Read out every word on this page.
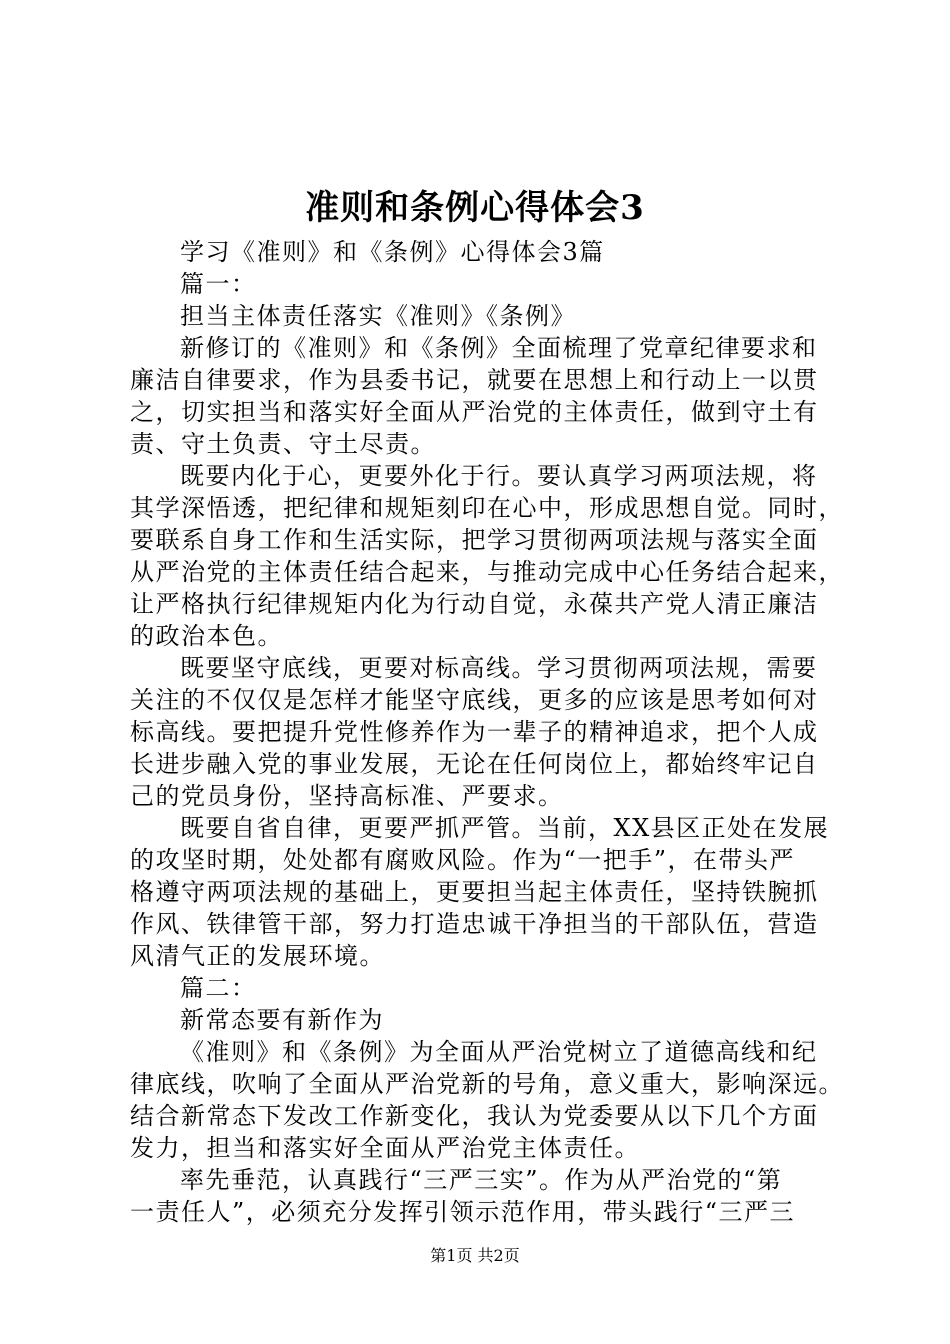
准则和条例心得体会3
学习《准则》和《条例》心得体会3篇
篇一：
担当主体责任落实《准则》《条例》
新修订的《准则》和《条例》全面梳理了党章纪律要求和
廉洁自律要求，作为县委书记，就要在思想上和行动上一以贯
之，切实担当和落实好全面从严治党的主体责任，做到守土有
责、守土负责、守土尽责。
既要内化于心，更要外化于行。要认真学习两项法规，将
其学深悟透，把纪律和规矩刻印在心中，形成思想自觉。同时，
要联系自身工作和生活实际，把学习贯彻两项法规与落实全面
从严治党的主体责任结合起来，与推动完成中心任务结合起来，
让严格执行纪律规矩内化为行动自觉，永葆共产党人清正廉洁
的政治本色。
既要坚守底线，更要对标高线。学习贯彻两项法规，需要
关注的不仅仅是怎样才能坚守底线，更多的应该是思考如何对
标高线。要把提升党性修养作为一辈子的精神追求，把个人成
长进步融入党的事业发展，无论在任何岗位上，都始终牢记自
己的党员身份，坚持高标准、严要求。
既要自省自律，更要严抓严管。当前，XX县区正处在发展
的攻坚时期，处处都有腐败风险。作为“一把手”，在带头严
格遵守两项法规的基础上，更要担当起主体责任，坚持铁腕抓
作风、铁律管干部，努力打造忠诚干净担当的干部队伍，营造
风清气正的发展环境。
篇二：
新常态要有新作为
《准则》和《条例》为全面从严治党树立了道德高线和纪
律底线，吹响了全面从严治党新的号角，意义重大，影响深远。
结合新常态下发改工作新变化，我认为党委要从以下几个方面
发力，担当和落实好全面从严治党主体责任。
率先垂范，认真践行“三严三实”。作为从严治党的“第
一责任人”，必须充分发挥引领示范作用，带头践行“三严三
第1页 共2页
